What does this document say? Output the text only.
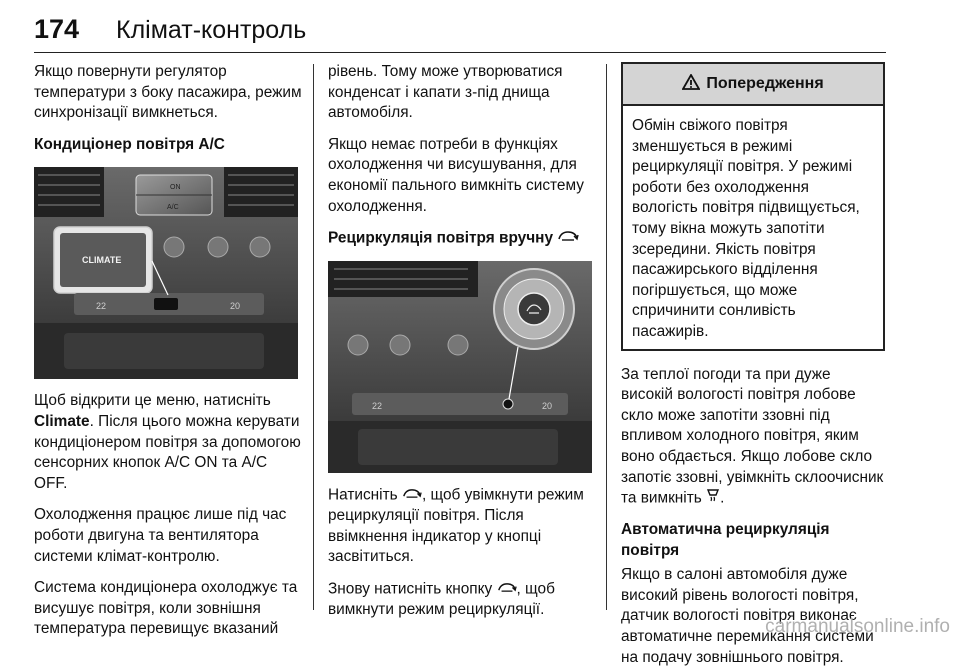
174 Клімат-контроль

Якщо повернути регулятор температури з боку пасажира, режим синхронізації вимкнеться.

Кондиціонер повітря A/C
ON
A/C
CLIMATE
22	20

Щоб відкрити це меню, натисніть Climate. Після цього можна керувати кондиціонером повітря за допомогою сенсорних кнопок A/C ON та A/C OFF.

Охолодження працює лише під час роботи двигуна та вентилятора системи клімат-контролю.

Система кондиціонера охолоджує та висушує повітря, коли зовнішня температура перевищує вказаний

рівень. Тому може утворюватися конденсат і капати з-під днища автомобіля.

Якщо немає потреби в функціях охолодження чи висушування, для економії пального вимкніть систему охолодження.

Рециркуляція повітря вручну
22	20

Натисніть , щоб увімкнути режим рециркуляції повітря. Після ввімкнення індикатор у кнопці засвітиться.

Знову натисніть кнопку , щоб вимкнути режим рециркуляції.

Попередження

Обмін свіжого повітря зменшується в режимі рециркуляції повітря. У режимі роботи без охолодження вологість повітря підвищується, тому вікна можуть запотіти зсередини. Якість повітря пасажирського відділення погіршується, що може спричинити сонливість пасажирів.

За теплої погоди та при дуже високій вологості повітря лобове скло може запотіти ззовні під впливом холодного повітря, яким воно обдається. Якщо лобове скло запотіє ззовні, увімкніть склоочисник та вимкніть .

Автоматична рециркуляція повітря

Якщо в салоні автомобіля дуже високий рівень вологості повітря, датчик вологості повітря виконає автоматичне перемикання системи на подачу зовнішнього повітря.

carmanualsonline.info
